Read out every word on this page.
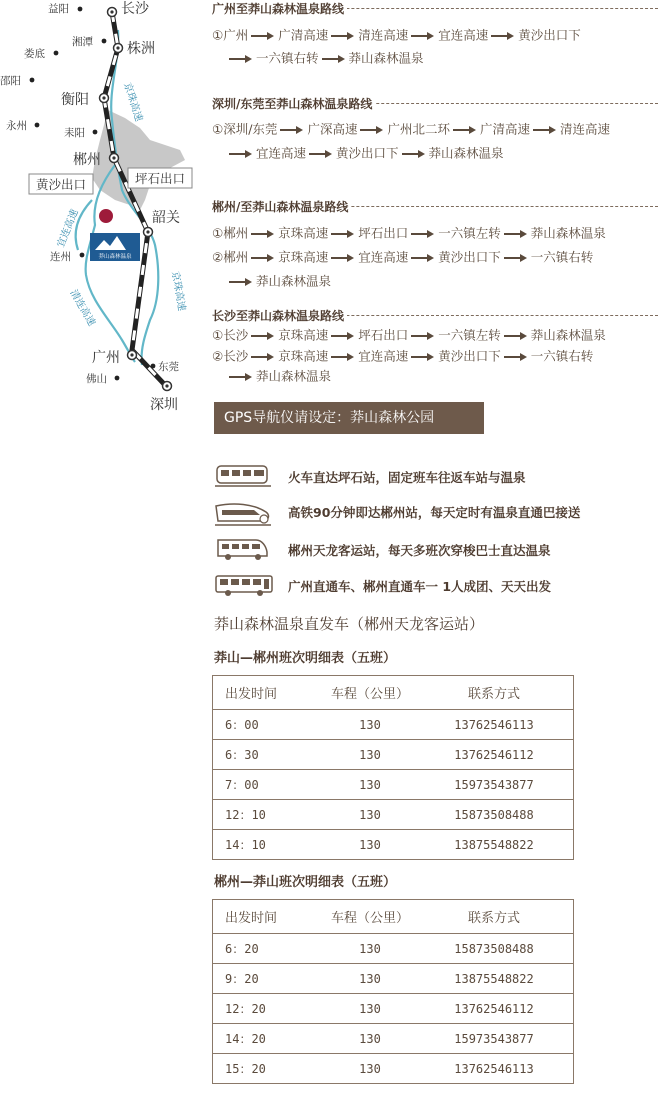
莽山森林温泉
长沙
株洲
衡阳
郴州
韶关
广州
深圳
益阳
湘潭
娄底
邵阳
永州
耒阳
连州
东莞
佛山
黄沙出口	坪石出口
京珠高速
京珠高速
宜连高速
清连高速
广州至莽山森林温泉路线
①广州 广清高速 清连高速 宜连高速 黄沙出口下
一六镇右转 莽山森林温泉
深圳/东莞至莽山森林温泉路线
①深圳/东莞 广深高速 广州北二环 广清高速 清连高速
宜连高速 黄沙出口下 莽山森林温泉
郴州/至莽山森林温泉路线
①郴州 京珠高速 坪石出口 一六镇左转 莽山森林温泉
②郴州 京珠高速 宜连高速 黄沙出口下 一六镇右转
莽山森林温泉
长沙至莽山森林温泉路线
①长沙 京珠高速 坪石出口 一六镇左转 莽山森林温泉
②长沙 京珠高速 宜连高速 黄沙出口下 一六镇右转
莽山森林温泉
GPS导航仪请设定：莽山森林公园
火车直达坪石站，固定班车往返车站与温泉
高铁90分钟即达郴州站，每天定时有温泉直通巴接送
郴州天龙客运站，每天多班次穿梭巴士直达温泉
广州直通车、郴州直通车一 1人成团、天天出发
莽山森林温泉直发车（郴州天龙客运站）
莽山—郴州班次明细表（五班）
出发时间	车程（公里）	联系方式
6：00	130	13762546113
6：30	130	13762546112
7：00	130	15973543877
12：10	130	15873508488
14：10	130	13875548822
郴州—莽山班次明细表（五班）
出发时间	车程（公里）	联系方式
6：20	130	15873508488
9：20	130	13875548822
12：20	130	13762546112
14：20	130	15973543877
15：20	130	13762546113
